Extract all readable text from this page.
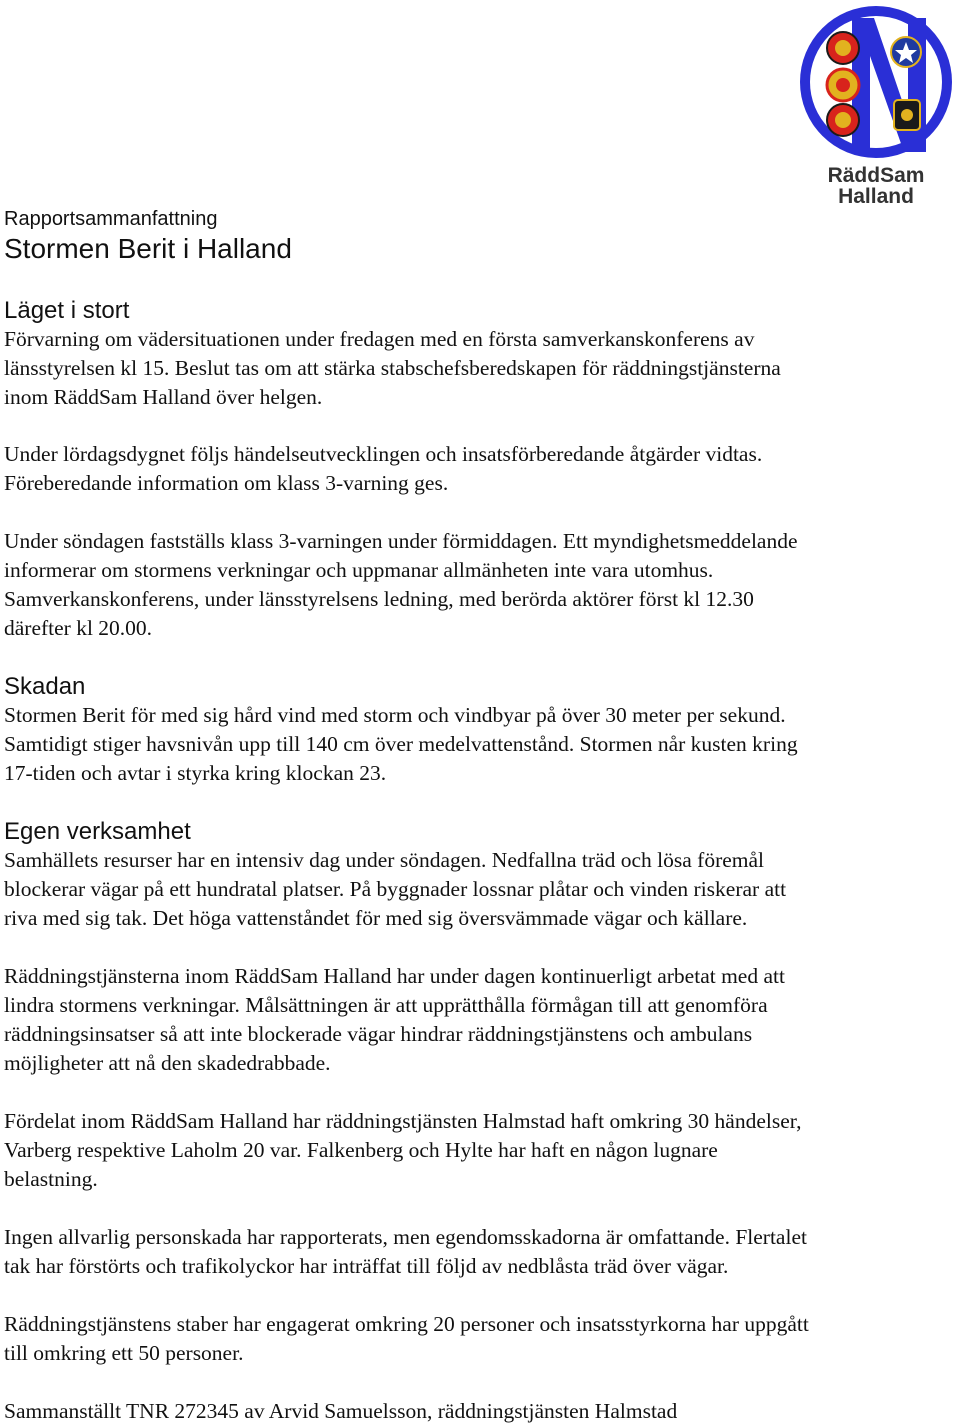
RäddSam
Halland
Rapportsammanfattning
Stormen Berit i Halland
Läget i stort

Förvarning om vädersituationen under fredagen med en första samverkanskonferens av
länsstyrelsen kl 15. Beslut tas om att stärka stabschefsberedskapen för räddningstjänsterna
inom RäddSam Halland över helgen.

Under lördagsdygnet följs händelseutvecklingen och insatsförberedande åtgärder vidtas.
Föreberedande information om klass 3-varning ges.

Under söndagen fastställs klass 3-varningen under förmiddagen. Ett myndighetsmeddelande
informerar om stormens verkningar och uppmanar allmänheten inte vara utomhus.
Samverkanskonferens, under länsstyrelsens ledning, med berörda aktörer först kl 12.30
därefter kl 20.00.

Skadan

Stormen Berit för med sig hård vind med storm och vindbyar på över 30 meter per sekund.
Samtidigt stiger havsnivån upp till 140 cm över medelvattenstånd. Stormen når kusten kring
17-tiden och avtar i styrka kring klockan 23.

Egen verksamhet

Samhällets resurser har en intensiv dag under söndagen. Nedfallna träd och lösa föremål
blockerar vägar på ett hundratal platser. På byggnader lossnar plåtar och vinden riskerar att
riva med sig tak. Det höga vattenståndet för med sig översvämmade vägar och källare.

Räddningstjänsterna inom RäddSam Halland har under dagen kontinuerligt arbetat med att
lindra stormens verkningar. Målsättningen är att upprätthålla förmågan till att genomföra
räddningsinsatser så att inte blockerade vägar hindrar räddningstjänstens och ambulans
möjligheter att nå den skadedrabbade.

Fördelat inom RäddSam Halland har räddningstjänsten Halmstad haft omkring 30 händelser,
Varberg respektive Laholm 20 var. Falkenberg och Hylte har haft en någon lugnare
belastning.

Ingen allvarlig personskada har rapporterats, men egendomsskadorna är omfattande. Flertalet
tak har förstörts och trafikolyckor har inträffat till följd av nedblåsta träd över vägar.

Räddningstjänstens staber har engagerat omkring 20 personer och insatsstyrkorna har uppgått
till omkring ett 50 personer.

Sammanställt TNR 272345 av Arvid Samuelsson, räddningstjänsten Halmstad
